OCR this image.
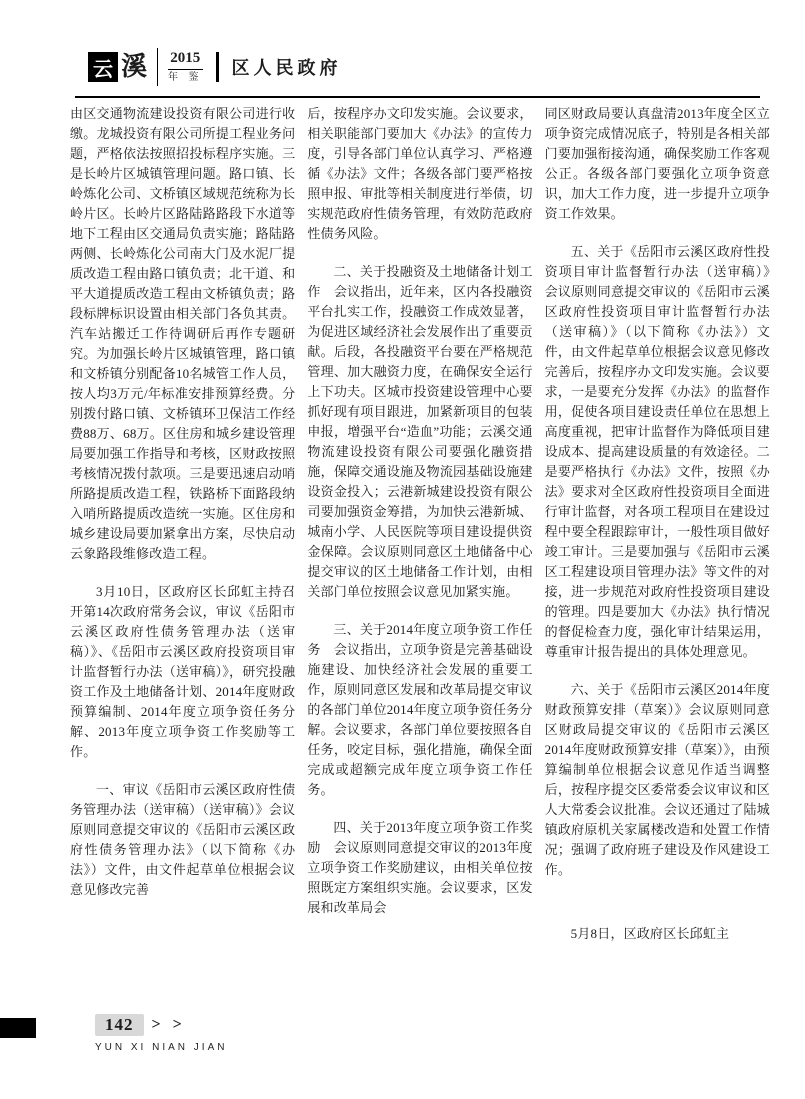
云 溪 2015
年 鉴 区人民政府

由区交通物流建设投资有限公司进行收缴。龙城投资有限公司所提工程业务问题，严格依法按照招投标程序实施。三是长岭片区城镇管理问题。路口镇、长岭炼化公司、文桥镇区域规范统称为长岭片区。长岭片区路陆路路段下水道等地下工程由区交通局负责实施；路陆路两侧、长岭炼化公司南大门及水泥厂提质改造工程由路口镇负责；北干道、和平大道提质改造工程由文桥镇负责；路段标牌标识设置由相关部门各负其责。汽车站搬迁工作待调研后再作专题研究。为加强长岭片区城镇管理，路口镇和文桥镇分别配备10名城管工作人员，按人均3万元/年标准安排预算经费。分别拨付路口镇、文桥镇环卫保洁工作经费88万、68万。区住房和城乡建设管理局要加强工作指导和考核，区财政按照考核情况拨付款项。三是要迅速启动哨所路提质改造工程，铁路桥下面路段纳入哨所路提质改造统一实施。区住房和城乡建设局要加紧拿出方案，尽快启动云象路段维修改造工程。

3月10日，区政府区长邱虹主持召开第14次政府常务会议，审议《岳阳市云溪区政府性债务管理办法（送审稿）》、《岳阳市云溪区政府投资项目审计监督暂行办法（送审稿）》，研究投融资工作及土地储备计划、2014年度财政预算编制、2014年度立项争资任务分解、2013年度立项争资工作奖励等工作。

一、审议《岳阳市云溪区政府性债务管理办法（送审稿）（送审稿）》会议原则同意提交审议的《岳阳市云溪区政府性债务管理办法》（以下简称《办法》）文件，由文件起草单位根据会议意见修改完善

后，按程序办文印发实施。会议要求，相关职能部门要加大《办法》的宣传力度，引导各部门单位认真学习、严格遵循《办法》文件；各级各部门要严格按照申报、审批等相关制度进行举债，切实规范政府性债务管理，有效防范政府性债务风险。

二、关于投融资及土地储备计划工作　会议指出，近年来，区内各投融资平台扎实工作，投融资工作成效显著，为促进区域经济社会发展作出了重要贡献。后段，各投融资平台要在严格规范管理、加大融资力度，在确保安全运行上下功夫。区城市投资建设管理中心要抓好现有项目跟进，加紧新项目的包装申报，增强平台“造血”功能；云溪交通物流建设投资有限公司要强化融资措施，保障交通设施及物流园基础设施建设资金投入；云港新城建设投资有限公司要加强资金筹措，为加快云港新城、城南小学、人民医院等项目建设提供资金保障。会议原则同意区土地储备中心提交审议的区土地储备工作计划，由相关部门单位按照会议意见加紧实施。

三、关于2014年度立项争资工作任务　会议指出，立项争资是完善基础设施建设、加快经济社会发展的重要工作，原则同意区发展和改革局提交审议的各部门单位2014年度立项争资任务分解。会议要求，各部门单位要按照各自任务，咬定目标，强化措施，确保全面完成或超额完成年度立项争资工作任务。

四、关于2013年度立项争资工作奖励　会议原则同意提交审议的2013年度立项争资工作奖励建议，由相关单位按照既定方案组织实施。会议要求，区发展和改革局会

同区财政局要认真盘清2013年度全区立项争资完成情况底子，特别是各相关部门要加强衔接沟通，确保奖励工作客观公正。各级各部门要强化立项争资意识，加大工作力度，进一步提升立项争资工作效果。

五、关于《岳阳市云溪区政府性投资项目审计监督暂行办法（送审稿）》　会议原则同意提交审议的《岳阳市云溪区政府性投资项目审计监督暂行办法（送审稿）》（以下简称《办法》）文件，由文件起草单位根据会议意见修改完善后，按程序办文印发实施。会议要求，一是要充分发挥《办法》的监督作用，促使各项目建设责任单位在思想上高度重视，把审计监督作为降低项目建设成本、提高建设质量的有效途径。二是要严格执行《办法》文件，按照《办法》要求对全区政府性投资项目全面进行审计监督，对各项工程项目在建设过程中要全程跟踪审计，一般性项目做好竣工审计。三是要加强与《岳阳市云溪区工程建设项目管理办法》等文件的对接，进一步规范对政府性投资项目建设的管理。四是要加大《办法》执行情况的督促检查力度，强化审计结果运用，尊重审计报告提出的具体处理意见。

六、关于《岳阳市云溪区2014年度财政预算安排（草案）》会议原则同意区财政局提交审议的《岳阳市云溪区2014年度财政预算安排（草案）》，由预算编制单位根据会议意见作适当调整后，按程序提交区委常委会议审议和区人大常委会议批准。会议还通过了陆城镇政府原机关家属楼改造和处置工作情况；强调了政府班子建设及作风建设工作。

5月8日，区政府区长邱虹主

142	> >
YUN XI NIAN JIAN
